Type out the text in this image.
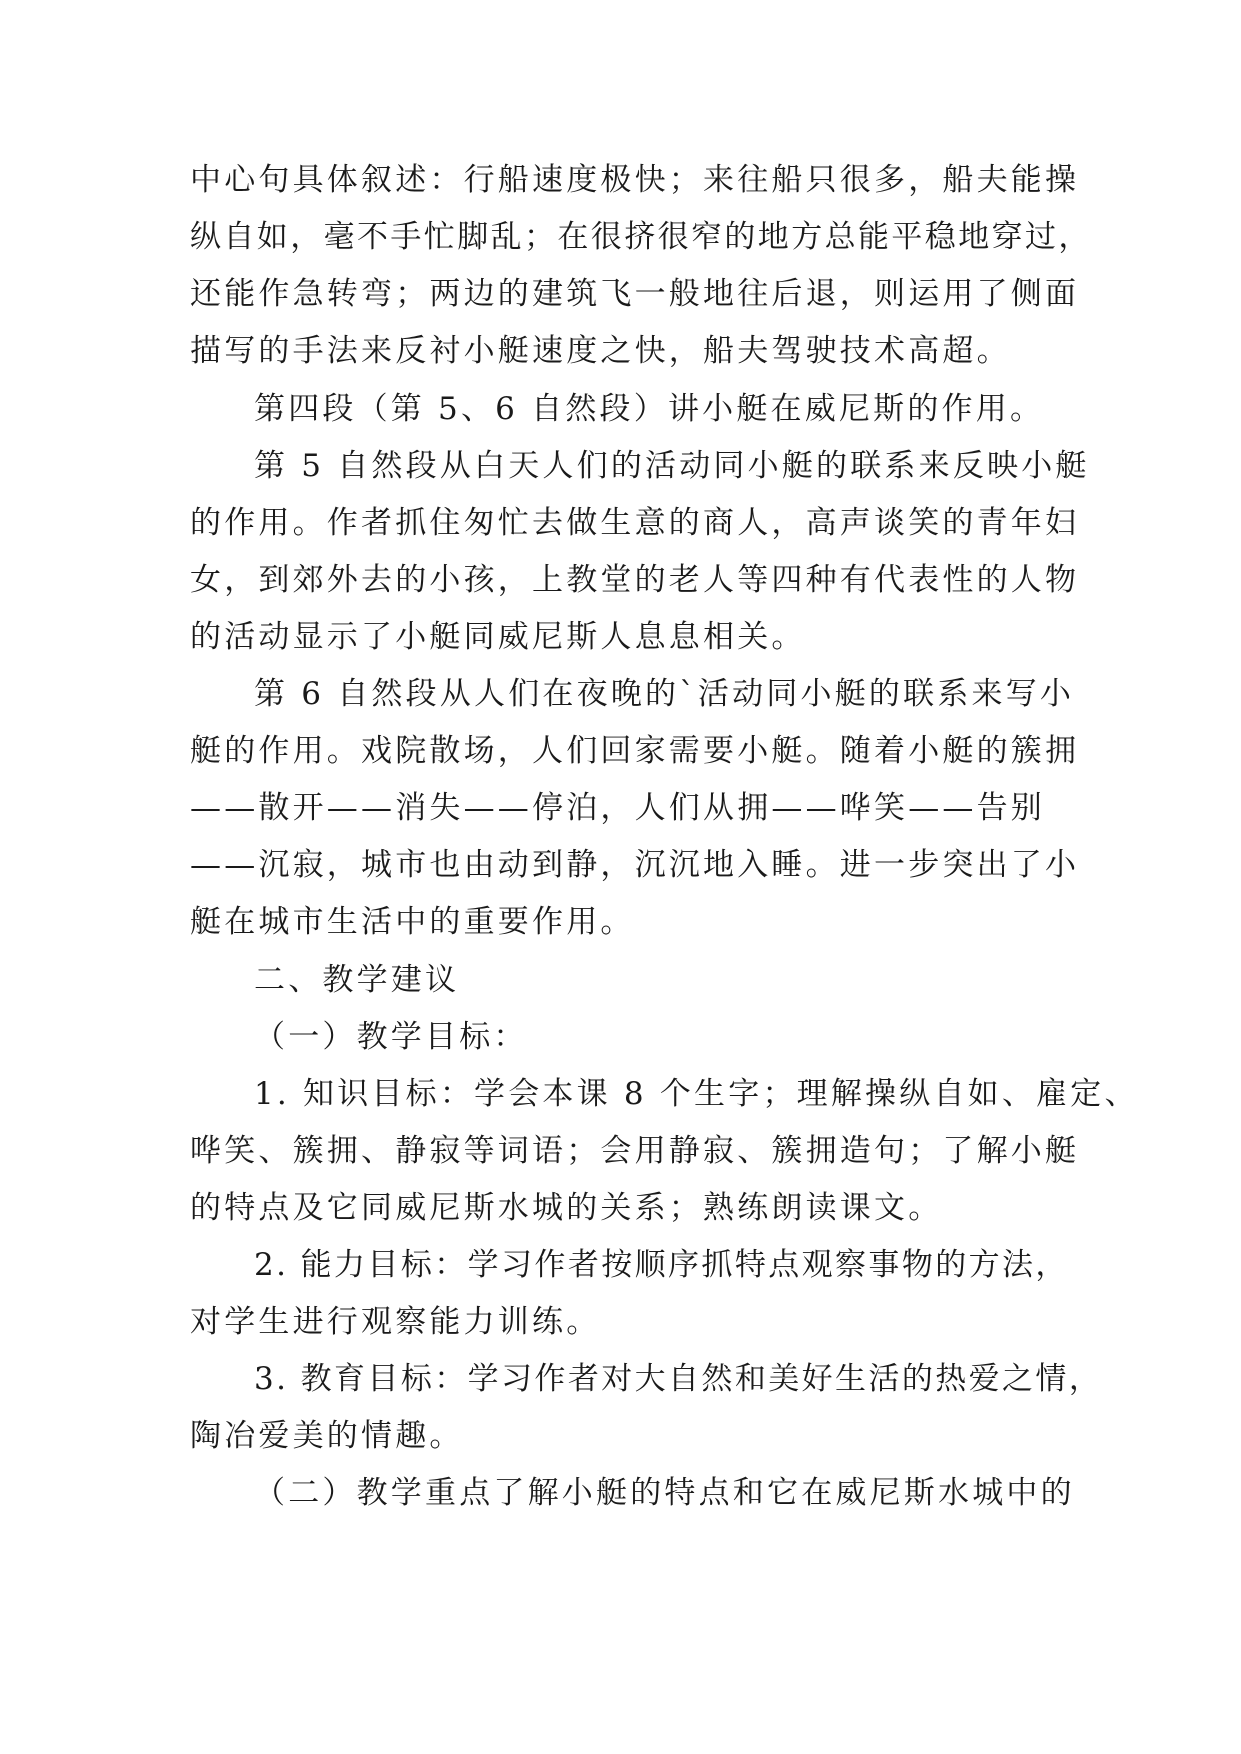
中心句具体叙述：行船速度极快；来往船只很多，船夫能操
纵自如，毫不手忙脚乱；在很挤很窄的地方总能平稳地穿过，
还能作急转弯；两边的建筑飞一般地往后退，则运用了侧面
描写的手法来反衬小艇速度之快，船夫驾驶技术高超。
第四段（第 5、6 自然段）讲小艇在威尼斯的作用。
第 5 自然段从白天人们的活动同小艇的联系来反映小艇
的作用。作者抓住匆忙去做生意的商人，高声谈笑的青年妇
女，到郊外去的小孩，上教堂的老人等四种有代表性的人物
的活动显示了小艇同威尼斯人息息相关。
第 6 自然段从人们在夜晚的`活动同小艇的联系来写小
艇的作用。戏院散场，人们回家需要小艇。随着小艇的簇拥
——散开——消失——停泊，人们从拥——哗笑——告别
——沉寂，城市也由动到静，沉沉地入睡。进一步突出了小
艇在城市生活中的重要作用。
二、教学建议
（一）教学目标：
1. 知识目标：学会本课 8 个生字；理解操纵自如、雇定、
哗笑、簇拥、静寂等词语；会用静寂、簇拥造句；了解小艇
的特点及它同威尼斯水城的关系；熟练朗读课文。
2. 能力目标：学习作者按顺序抓特点观察事物的方法，
对学生进行观察能力训练。
3. 教育目标：学习作者对大自然和美好生活的热爱之情，
陶冶爱美的情趣。
（二）教学重点了解小艇的特点和它在威尼斯水城中的
